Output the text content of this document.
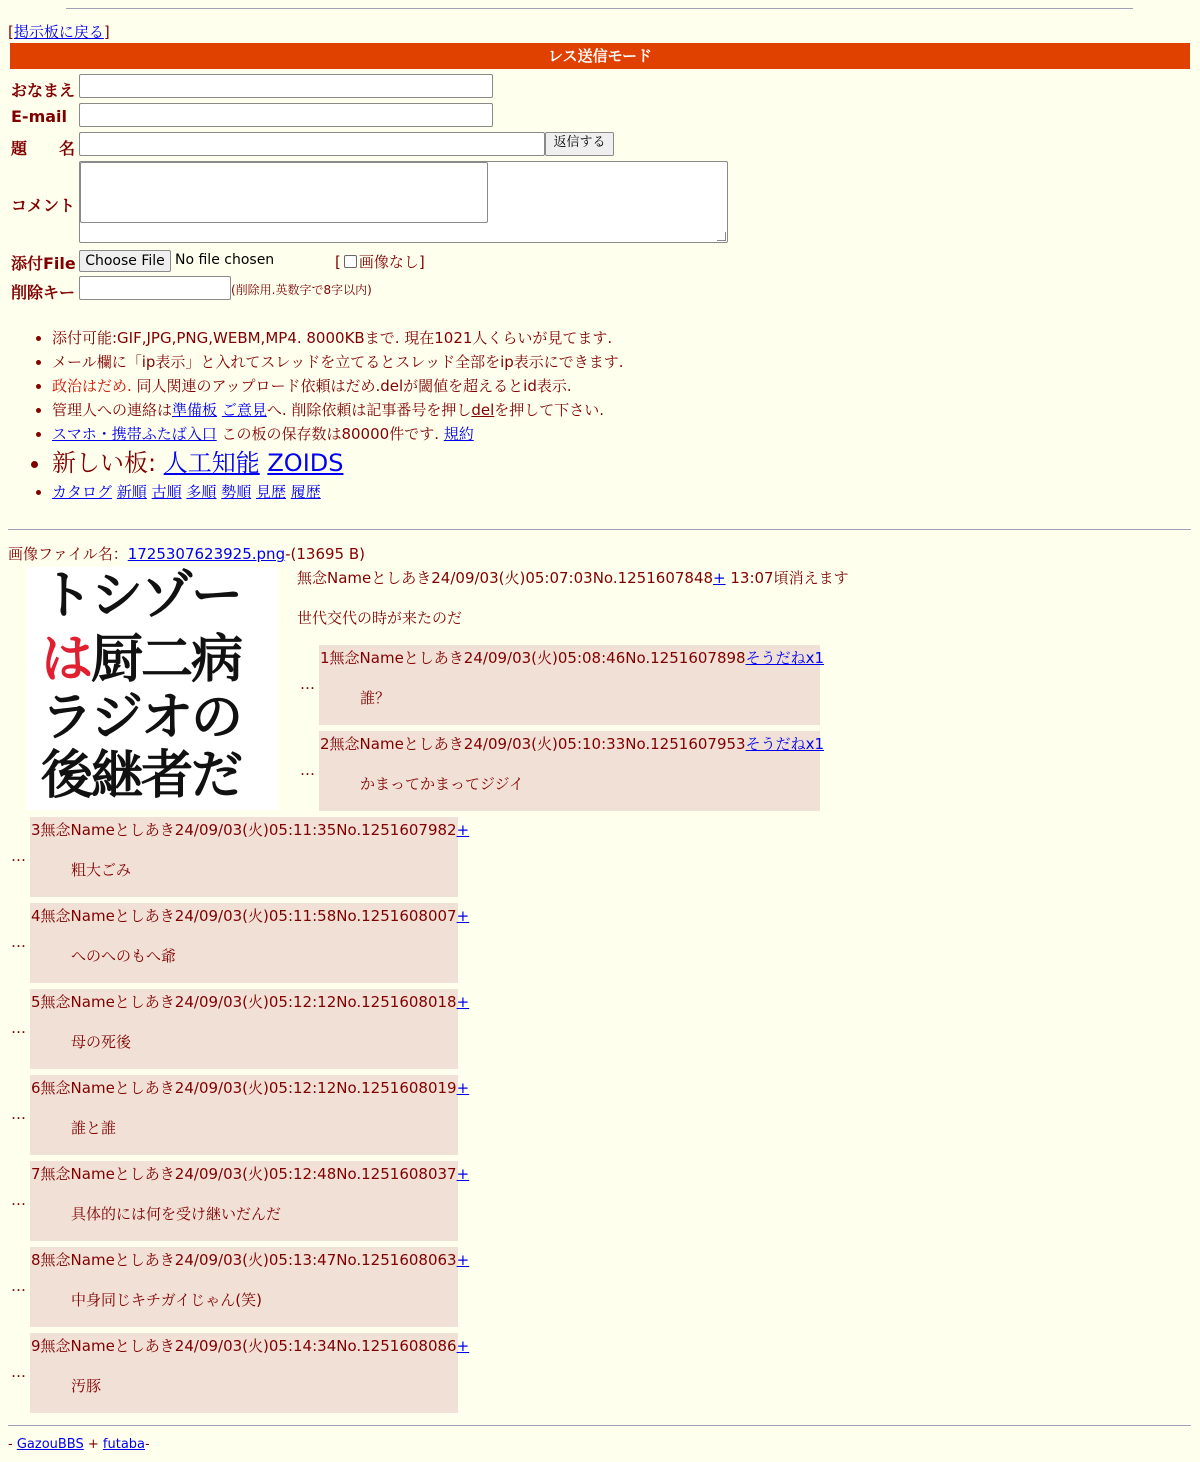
[掲示板に戻る]
レス送信モード
おなまえ
E-mail
題　　名	返信する
コメント
添付File Choose File No file chosen	[ 画像なし]
削除キー	(削除用.英数字で8字以内)
• 添付可能:GIF,JPG,PNG,WEBM,MP4. 8000KBまで. 現在1021人くらいが見てます.
• メール欄に「ip表示」と入れてスレッドを立てるとスレッド全部をip表示にできます.
• 政治はだめ. 同人関連のアップロード依頼はだめ.delが閾値を超えるとid表示.
• 管理人への連絡は準備板 ご意見へ. 削除依頼は記事番号を押しdelを押して下さい.
• スマホ・携帯ふたば入口 この板の保存数は80000件です. 規約
• 新しい板: 人工知能 ZOIDS
• カタログ 新順 古順 多順 勢順 見歴 履歴
画像ファイル名：1725307623925.png-(13695 B)
トシゾー
は厨二病
ラジオの
後継者だ
無念Nameとしあき24/09/03(火)05:07:03No.1251607848+ 13:07頃消えます
世代交代の時が来たのだ
…
1無念Nameとしあき24/09/03(火)05:08:46No.1251607898そうだねx1
誰？
…
2無念Nameとしあき24/09/03(火)05:10:33No.1251607953そうだねx1
かまってかまってジジイ
…
3無念Nameとしあき24/09/03(火)05:11:35No.1251607982+
粗大ごみ
…
4無念Nameとしあき24/09/03(火)05:11:58No.1251608007+
へのへのもへ爺
…
5無念Nameとしあき24/09/03(火)05:12:12No.1251608018+
母の死後
…
6無念Nameとしあき24/09/03(火)05:12:12No.1251608019+
誰と誰
…
7無念Nameとしあき24/09/03(火)05:12:48No.1251608037+
具体的には何を受け継いだんだ
…
8無念Nameとしあき24/09/03(火)05:13:47No.1251608063+
中身同じキチガイじゃん(笑)
…
9無念Nameとしあき24/09/03(火)05:14:34No.1251608086+
汚豚
- GazouBBS + futaba-
